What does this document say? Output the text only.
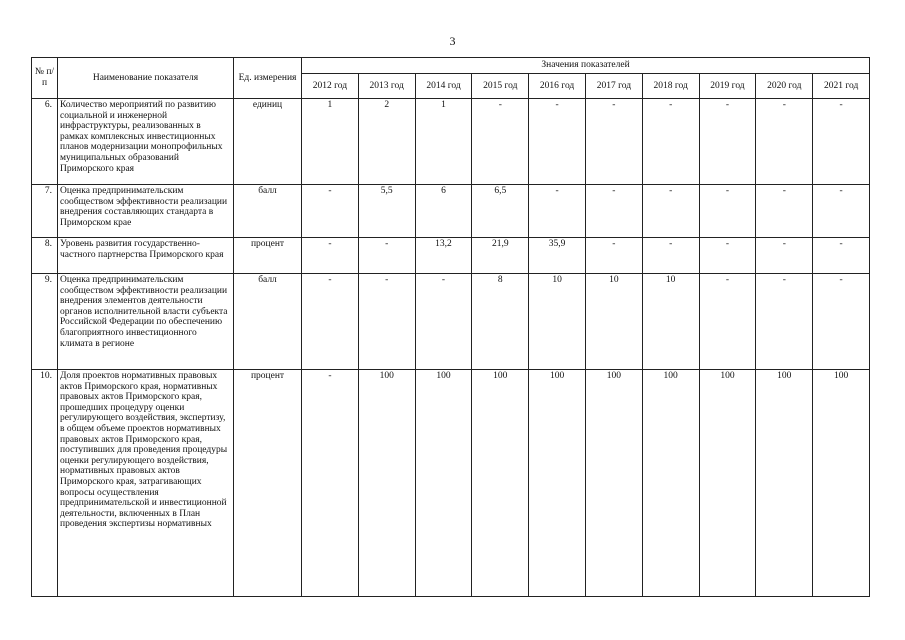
3
№ п/п	Наименование показателя	Ед. измерения	Значения показателей									
			2012 год	2013 год	2014 год	2015 год	2016 год	2017 год	2018 год	2019 год	2020 год	2021 год
6.	Количество мероприятий по развитию социальной и инженерной инфраструктуры, реализованных в рамках комплексных инвестиционных планов модернизации монопрофильных муниципальных образований Приморского края	единиц	1	2	1	-	-	-	-	-	-	-
7.	Оценка предпринимательским сообществом эффективности реализации внедрения составляющих стандарта в Приморском крае	балл	-	5,5	6	6,5	-	-	-	-	-	-
8.	Уровень развития государственно-частного партнерства Приморского края	процент	-	-	13,2	21,9	35,9	-	-	-	-	-
9.	Оценка предпринимательским сообществом эффективности реализации внедрения элементов деятельности органов исполнительной власти субъекта Российской Федерации по обеспечению благоприятного инвестиционного климата в регионе	балл	-	-	-	8	10	10	10	-	-	-
10.	Доля проектов нормативных правовых актов Приморского края, нормативных правовых актов Приморского края, прошедших процедуру оценки регулирующего воздействия, экспертизу, в общем объеме проектов нормативных правовых актов Приморского края, поступивших для проведения процедуры оценки регулирующего воздействия, нормативных правовых актов Приморского края, затрагивающих вопросы осуществления предпринимательской и инвестиционной деятельности, включенных в План проведения экспертизы нормативных	процент	-	100	100	100	100	100	100	100	100	100
